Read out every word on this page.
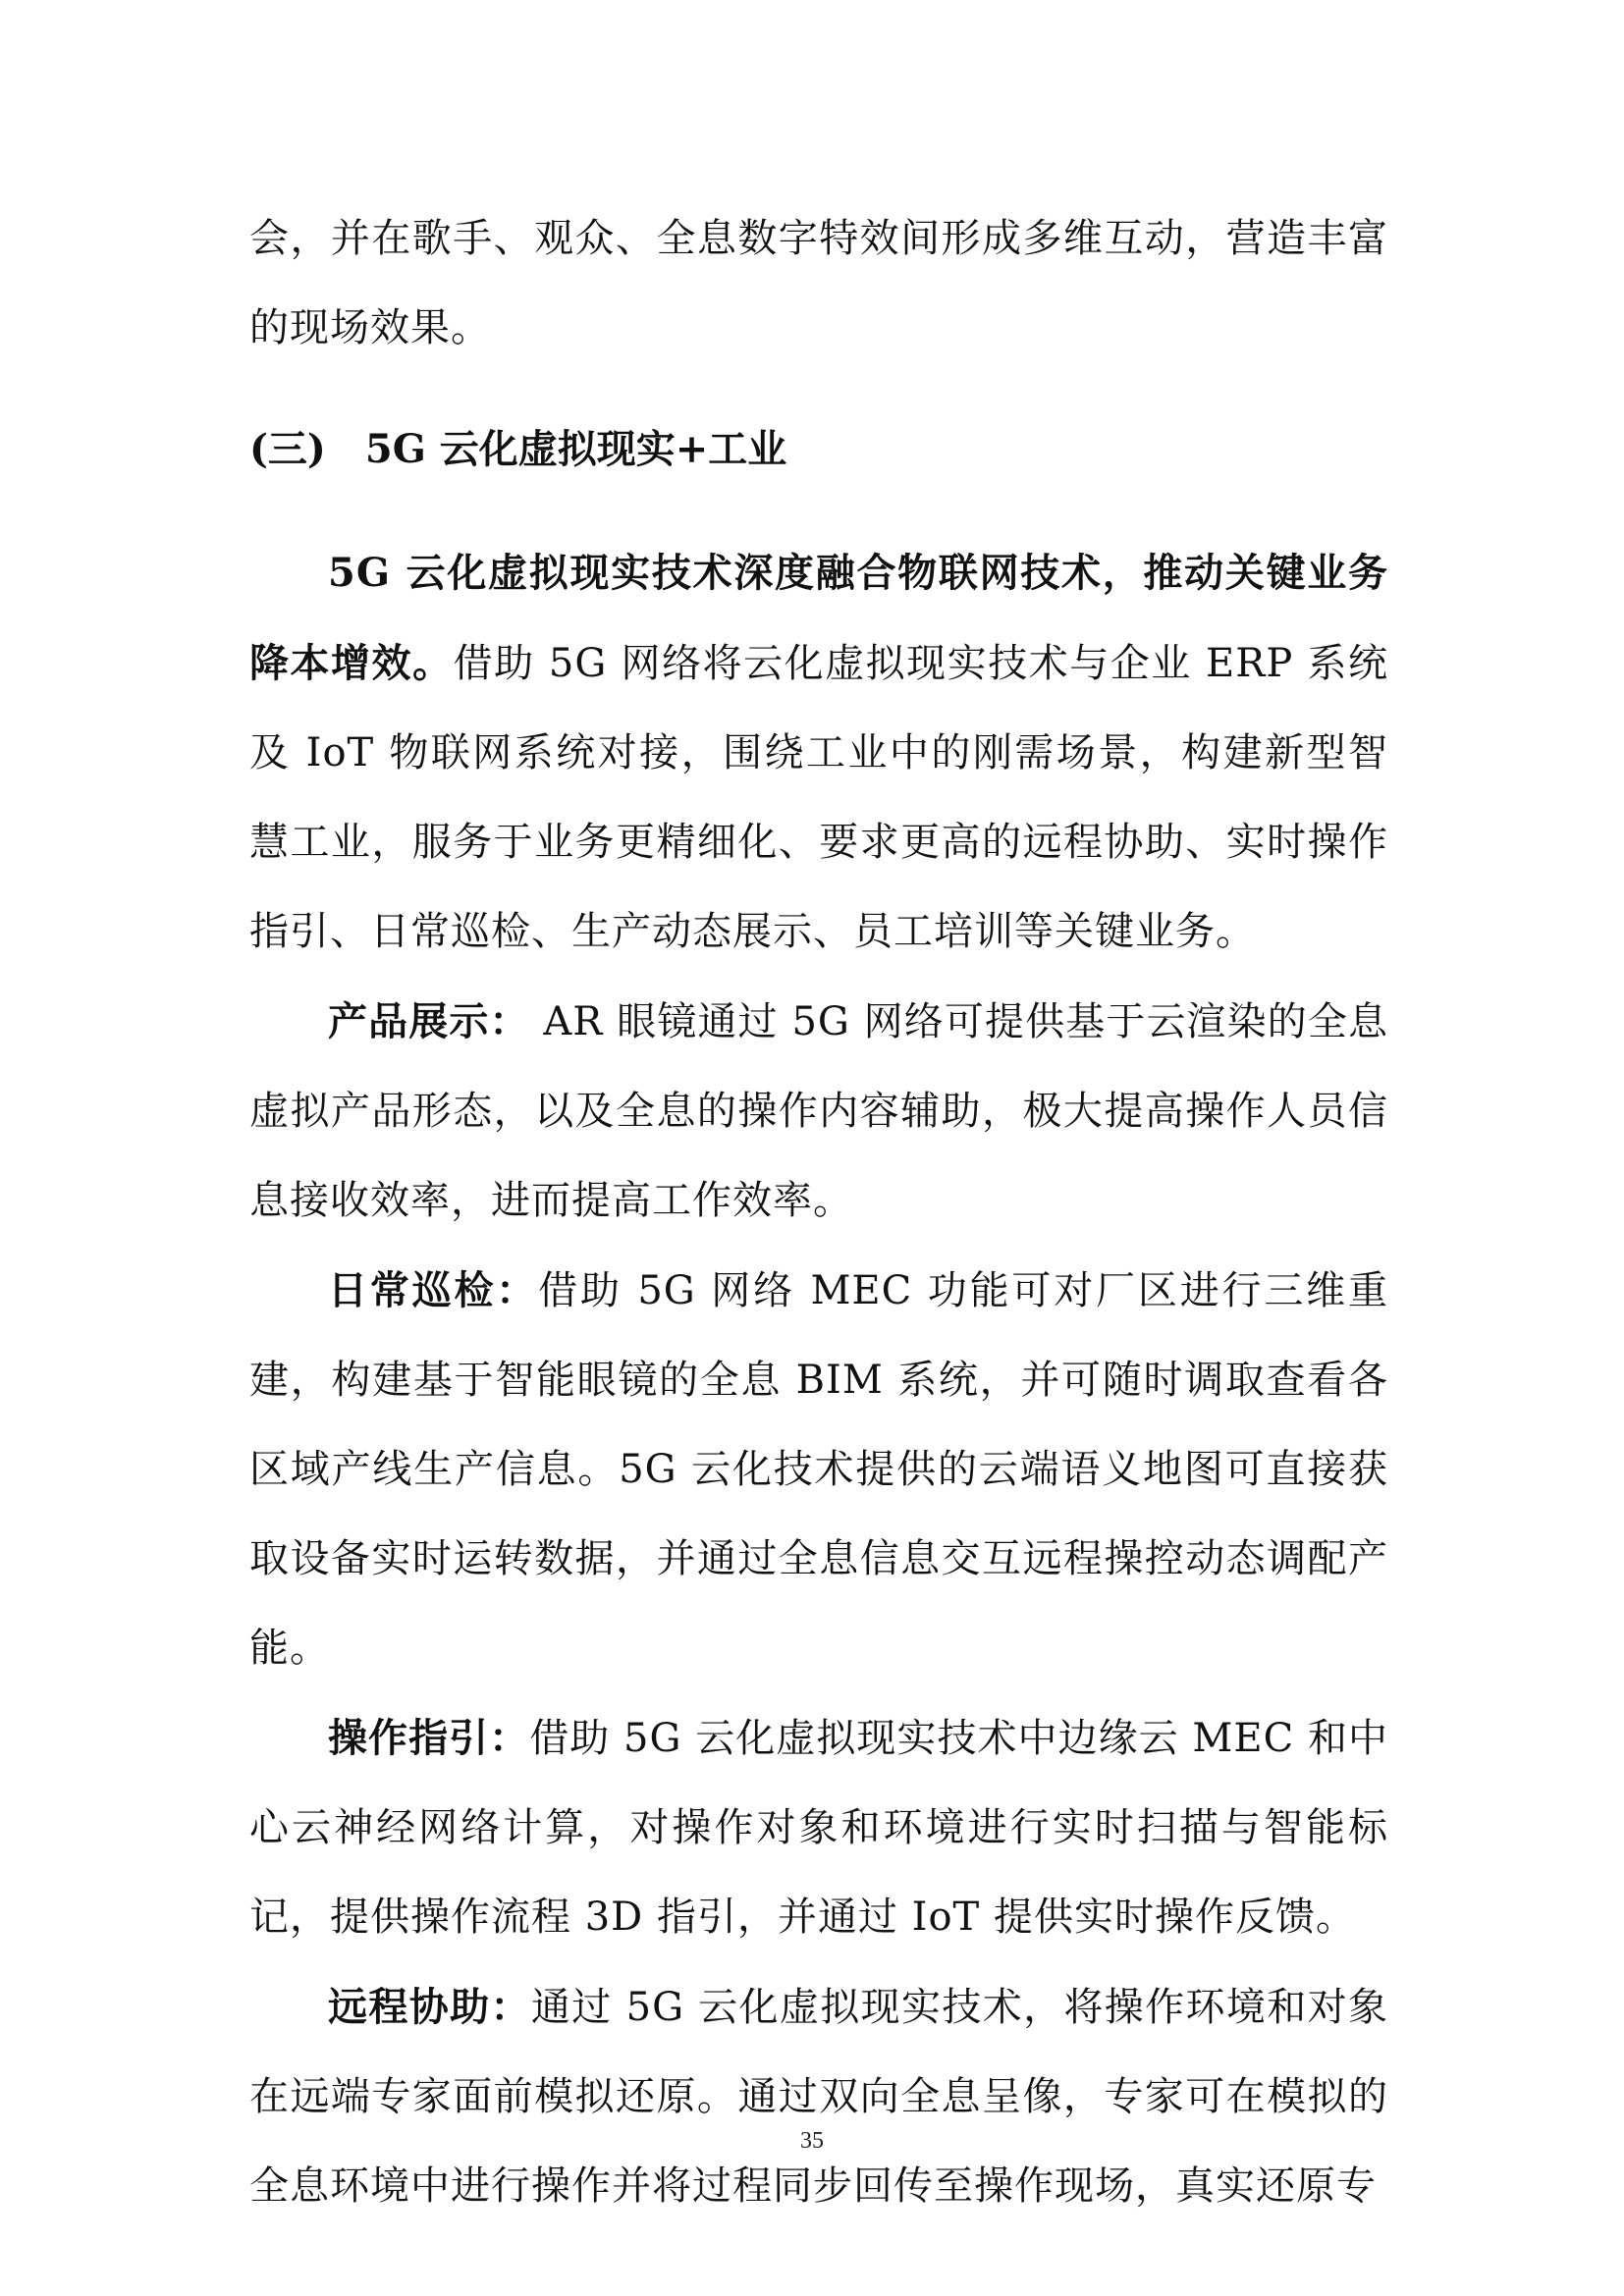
会，并在歌手、观众、全息数字特效间形成多维互动，营造丰富的现场效果。
(三) 5G 云化虚拟现实+工业

5G 云化虚拟现实技术深度融合物联网技术，推动关键业务降本增效。借助 5G 网络将云化虚拟现实技术与企业 ERP 系统及 IoT 物联网系统对接，围绕工业中的刚需场景，构建新型智慧工业，服务于业务更精细化、要求更高的远程协助、实时操作指引、日常巡检、生产动态展示、员工培训等关键业务。

产品展示： AR 眼镜通过 5G 网络可提供基于云渲染的全息虚拟产品形态，以及全息的操作内容辅助，极大提高操作人员信息接收效率，进而提高工作效率。

日常巡检：借助 5G 网络 MEC 功能可对厂区进行三维重建，构建基于智能眼镜的全息 BIM 系统，并可随时调取查看各区域产线生产信息。5G 云化技术提供的云端语义地图可直接获取设备实时运转数据，并通过全息信息交互远程操控动态调配产能。

操作指引：借助 5G 云化虚拟现实技术中边缘云 MEC 和中心云神经网络计算，对操作对象和环境进行实时扫描与智能标记，提供操作流程 3D 指引，并通过 IoT 提供实时操作反馈。

远程协助：通过 5G 云化虚拟现实技术，将操作环境和对象在远端专家面前模拟还原。通过双向全息呈像，专家可在模拟的全息环境中进行操作并将过程同步回传至操作现场，真实还原专

35
